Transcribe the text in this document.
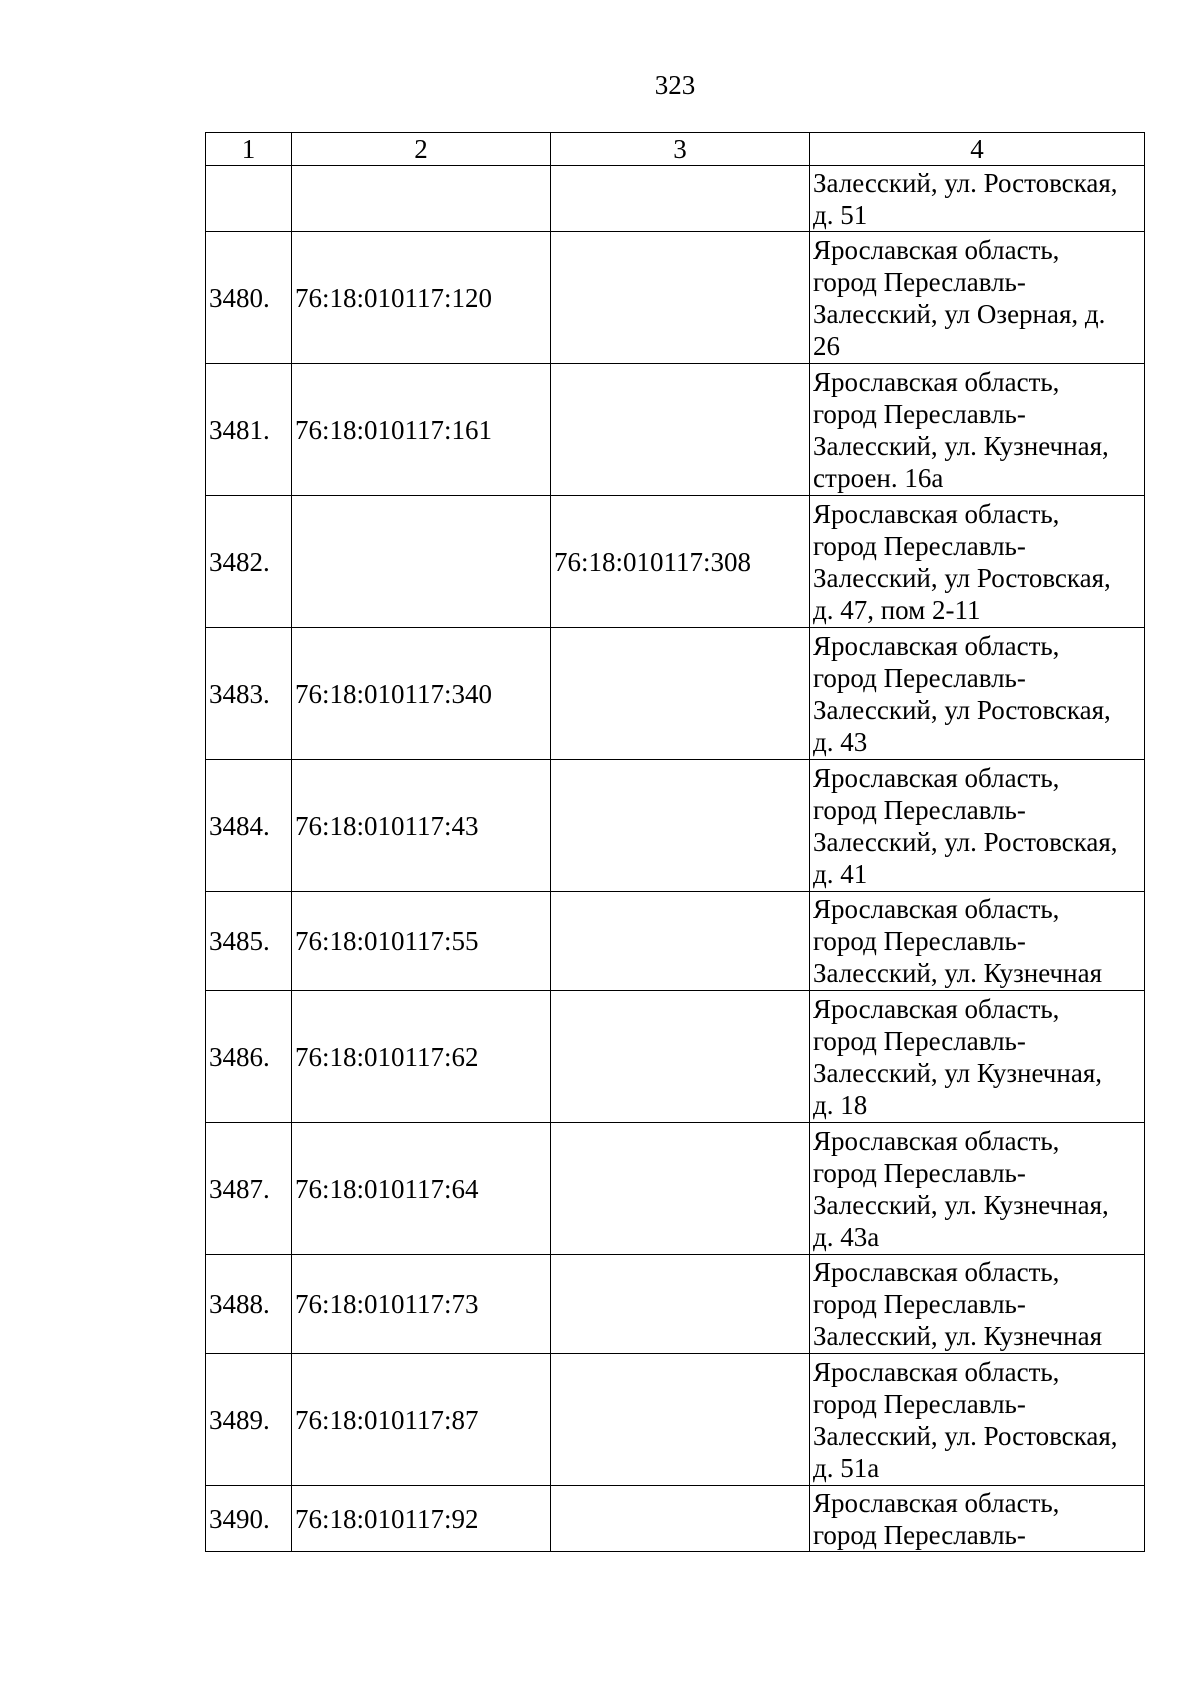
323
1	2	3	4

			Залесский, ул. Ростовская,
д. 51

3480.	76:18:010117:120		Ярославская область,
город Переславль-
Залесский, ул Озерная, д.
26

3481.	76:18:010117:161		Ярославская область,
город Переславль-
Залесский, ул. Кузнечная,
строен. 16а

3482.		76:18:010117:308	Ярославская область,
город Переславль-
Залесский, ул Ростовская,
д. 47, пом 2-11

3483.	76:18:010117:340		Ярославская область,
город Переславль-
Залесский, ул Ростовская,
д. 43

3484.	76:18:010117:43		Ярославская область,
город Переславль-
Залесский, ул. Ростовская,
д. 41

3485.	76:18:010117:55		Ярославская область,
город Переславль-
Залесский, ул. Кузнечная

3486.	76:18:010117:62		Ярославская область,
город Переславль-
Залесский, ул Кузнечная,
д. 18

3487.	76:18:010117:64		Ярославская область,
город Переславль-
Залесский, ул. Кузнечная,
д. 43а

3488.	76:18:010117:73		Ярославская область,
город Переславль-
Залесский, ул. Кузнечная

3489.	76:18:010117:87		Ярославская область,
город Переславль-
Залесский, ул. Ростовская,
д. 51а

3490.	76:18:010117:92		Ярославская область,
город Переславль-
